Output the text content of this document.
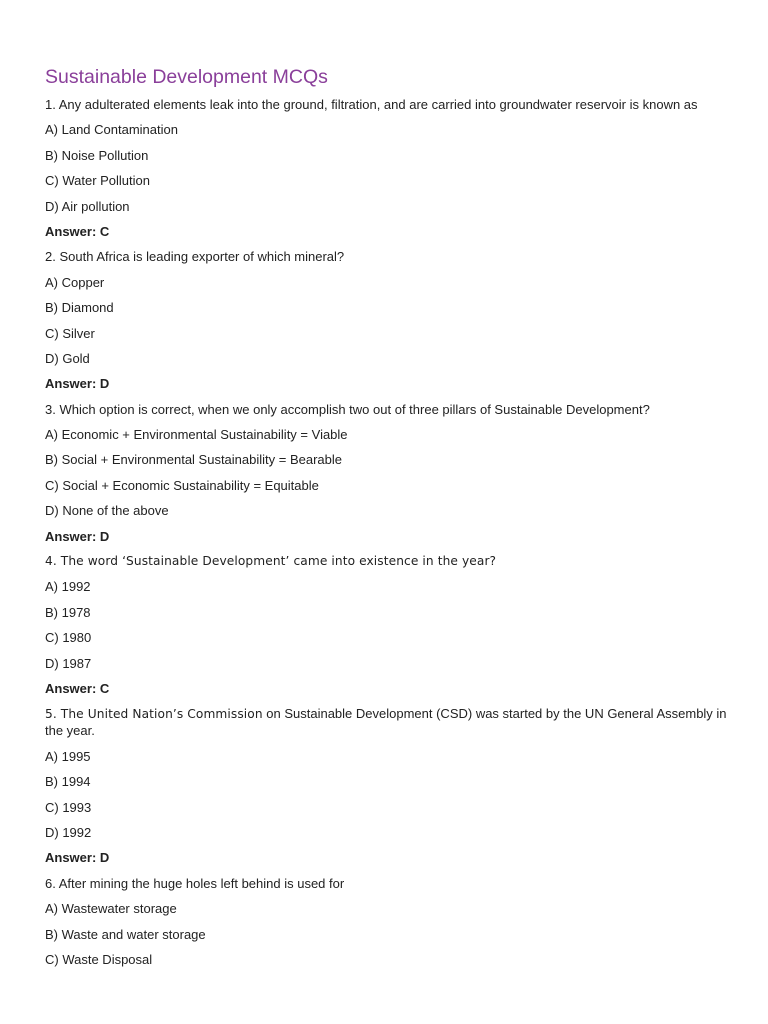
Sustainable Development MCQs

1. Any adulterated elements leak into the ground, filtration, and are carried into groundwater reservoir is known as

A) Land Contamination

B) Noise Pollution

C) Water Pollution

D) Air pollution

Answer: C

2. South Africa is leading exporter of which mineral?

A) Copper

B) Diamond

C) Silver

D) Gold

Answer: D

3. Which option is correct, when we only accomplish two out of three pillars of Sustainable Development?

A) Economic + Environmental Sustainability = Viable

B) Social + Environmental Sustainability = Bearable

C) Social + Economic Sustainability = Equitable

D) None of the above

Answer: D

4. The word ‘Sustainable Development’ came into existence in the year?

A) 1992

B) 1978

C) 1980

D) 1987

Answer: C

5. The United Nation’s Commission on Sustainable Development (CSD) was started by the UN General Assembly in the year.

A) 1995

B) 1994

C) 1993

D) 1992

Answer: D

6. After mining the huge holes left behind is used for

A) Wastewater storage

B) Waste and water storage

C) Waste Disposal
